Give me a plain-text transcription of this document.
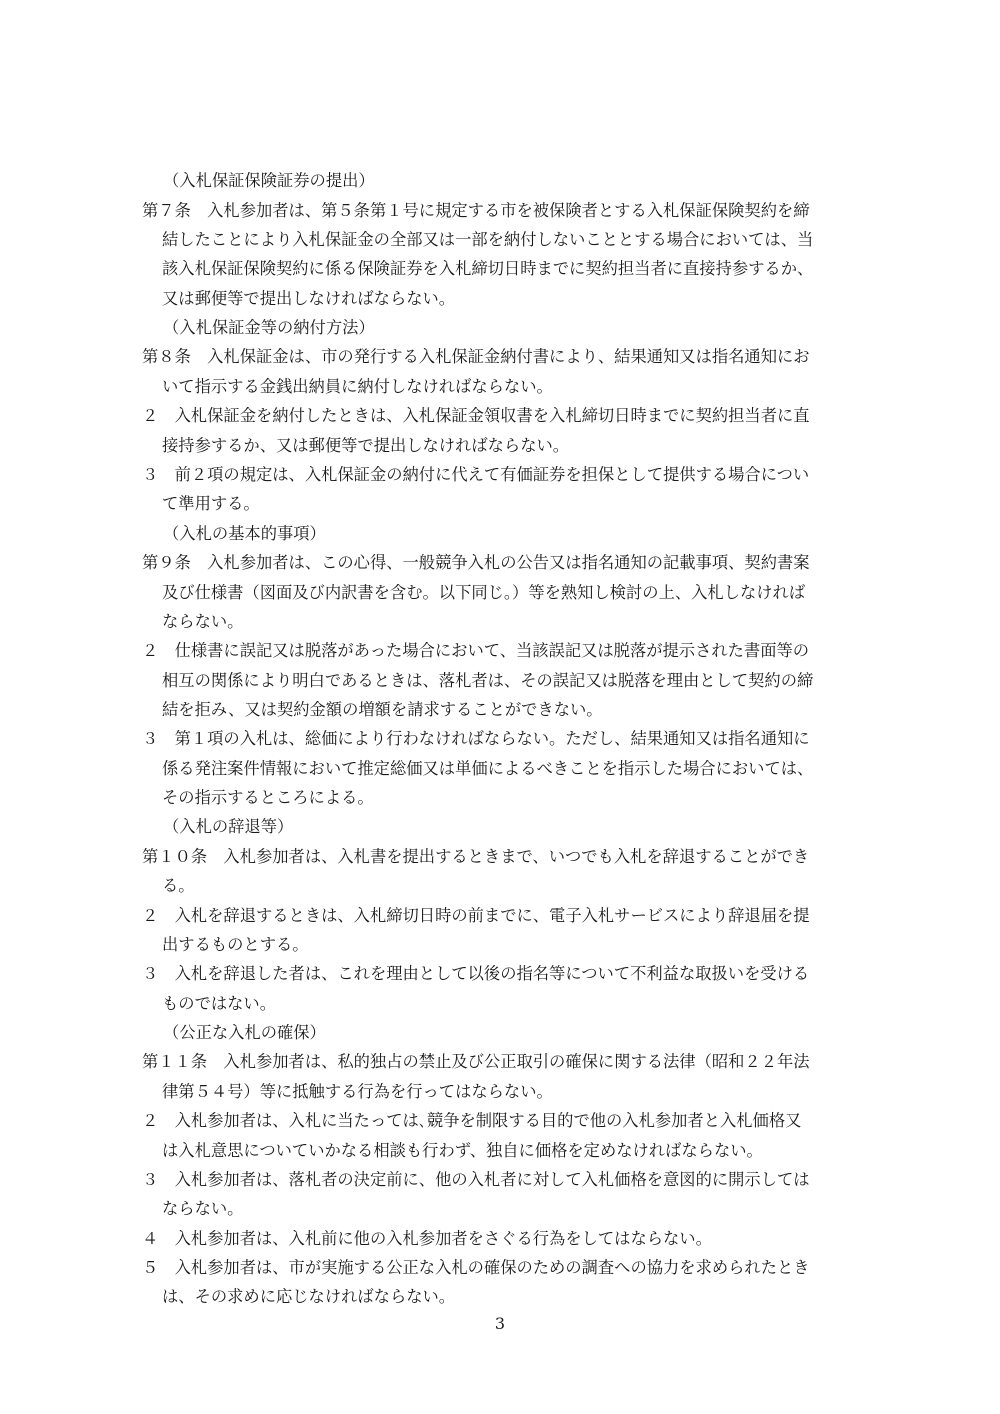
（入札保証保険証券の提出）
第７条　入札参加者は、第５条第１号に規定する市を被保険者とする入札保証保険契約を締
結したことにより入札保証金の全部又は一部を納付しないこととする場合においては、当
該入札保証保険契約に係る保険証券を入札締切日時までに契約担当者に直接持参するか、
又は郵便等で提出しなければならない。
（入札保証金等の納付方法）
第８条　入札保証金は、市の発行する入札保証金納付書により、結果通知又は指名通知にお
いて指示する金銭出納員に納付しなければならない。
２　入札保証金を納付したときは、入札保証金領収書を入札締切日時までに契約担当者に直
接持参するか、又は郵便等で提出しなければならない。
３　前２項の規定は、入札保証金の納付に代えて有価証券を担保として提供する場合につい
て準用する。
（入札の基本的事項）
第９条　入札参加者は、この心得、一般競争入札の公告又は指名通知の記載事項、契約書案
及び仕様書（図面及び内訳書を含む。以下同じ。）等を熟知し検討の上、入札しなければ
ならない。
２　仕様書に誤記又は脱落があった場合において、当該誤記又は脱落が提示された書面等の
相互の関係により明白であるときは、落札者は、その誤記又は脱落を理由として契約の締
結を拒み、又は契約金額の増額を請求することができない。
３　第１項の入札は、総価により行わなければならない。ただし、結果通知又は指名通知に
係る発注案件情報において推定総価又は単価によるべきことを指示した場合においては、
その指示するところによる。
（入札の辞退等）
第１０条　入札参加者は、入札書を提出するときまで、いつでも入札を辞退することができ
る。
２　入札を辞退するときは、入札締切日時の前までに、電子入札サービスにより辞退届を提
出するものとする。
３　入札を辞退した者は、これを理由として以後の指名等について不利益な取扱いを受ける
ものではない。
（公正な入札の確保）
第１１条　入札参加者は、私的独占の禁止及び公正取引の確保に関する法律（昭和２２年法
律第５４号）等に抵触する行為を行ってはならない。
２　入札参加者は、入札に当たっては､競争を制限する目的で他の入札参加者と入札価格又
は入札意思についていかなる相談も行わず、独自に価格を定めなければならない。
３　入札参加者は、落札者の決定前に、他の入札者に対して入札価格を意図的に開示しては
ならない。
４　入札参加者は、入札前に他の入札参加者をさぐる行為をしてはならない。
５　入札参加者は、市が実施する公正な入札の確保のための調査への協力を求められたとき
は、その求めに応じなければならない。
3
